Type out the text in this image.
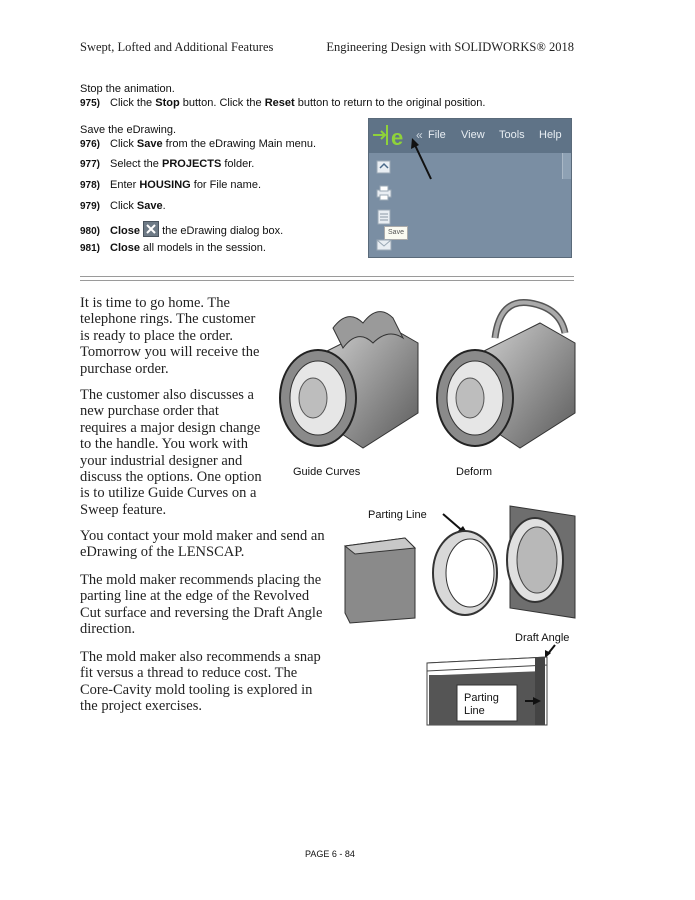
Swept, Lofted and Additional Features	Engineering Design with SOLIDWORKS® 2018
Stop the animation.
975) Click the Stop button. Click the Reset button to return to the original position.
Save the eDrawing.
976) Click Save from the eDrawing Main menu.
977) Select the PROJECTS folder.
978) Enter HOUSING for File name.
979) Click Save.
980) Close
the eDrawing dialog box.
981) Close all models in the session.
e « File View Tools Help
Save
It is time to go home. The
telephone rings. The customer
is ready to place the order.
Tomorrow you will receive the
purchase order.
The customer also discusses a
new purchase order that
requires a major design change
to the handle. You work with
your industrial designer and
discuss the options. One option
is to utilize Guide Curves on a
Sweep feature.
You contact your mold maker and send an
eDrawing of the LENSCAP.
The mold maker recommends placing the
parting line at the edge of the Revolved
Cut surface and reversing the Draft Angle
direction.
The mold maker also recommends a snap
fit versus a thread to reduce cost. The
Core-Cavity mold tooling is explored in
the project exercises.
Guide Curves	Deform
Parting Line
Draft Angle
Parting
Line
PAGE 6 - 84
